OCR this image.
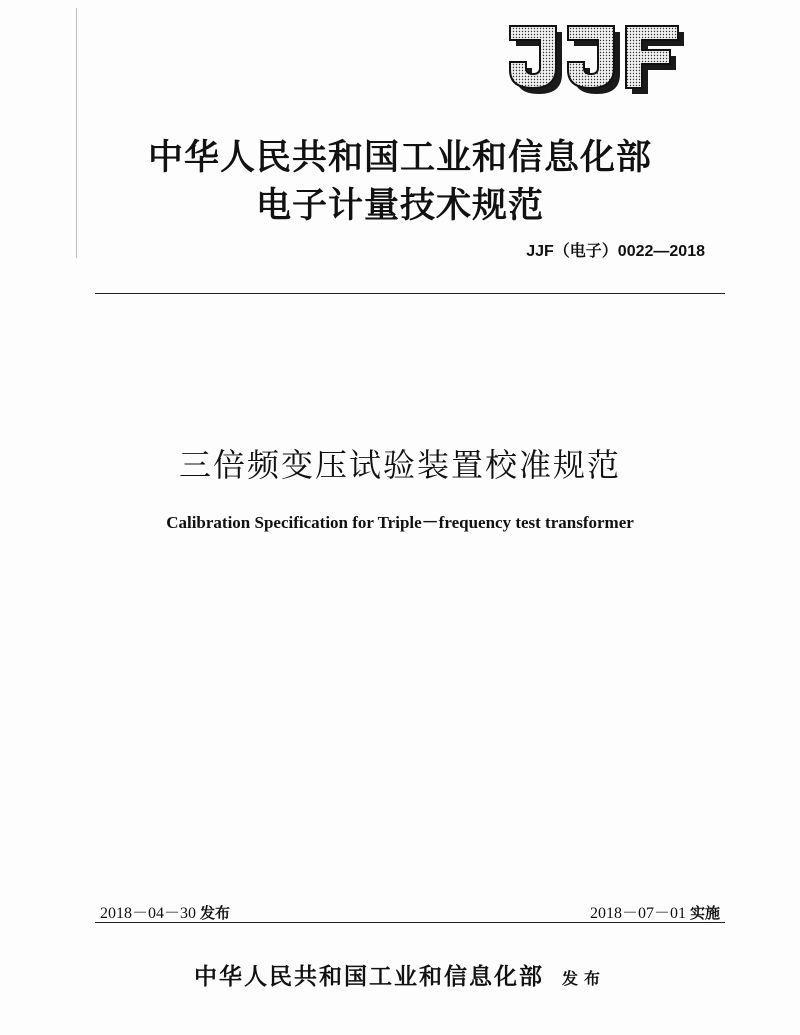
中华人民共和国工业和信息化部
电子计量技术规范
JJF（电子）0022—2018
三倍频变压试验装置校准规范
Calibration Specification for Triple－frequency test transformer
2018－04－30 发布	2018－07－01 实施
中华人民共和国工业和信息化部 发布
